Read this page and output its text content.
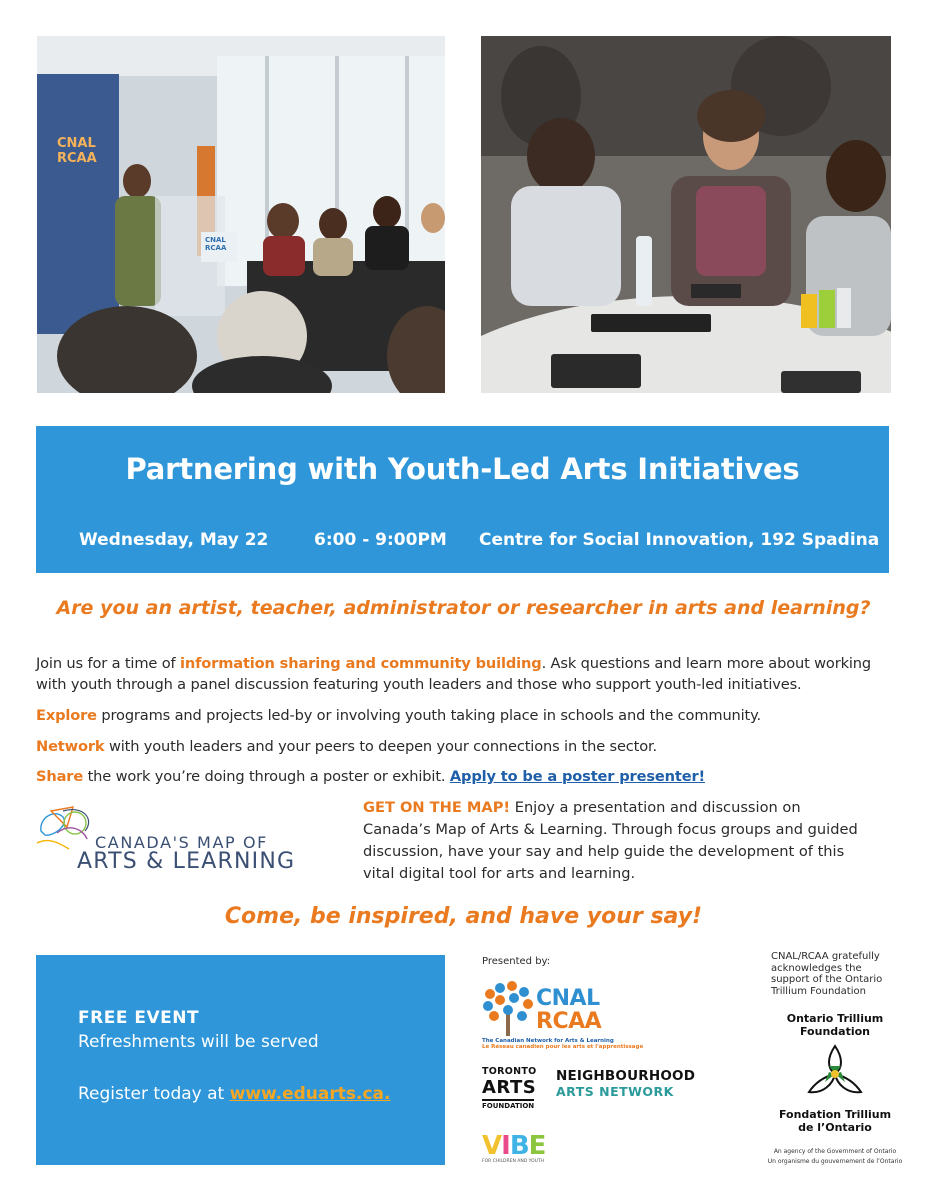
CNAL
RCAA
CNAL
RCAA
Partnering with Youth-Led Arts Initiatives
Wednesday, May 22	6:00 - 9:00PM Centre for Social Innovation, 192 Spadina
Are you an artist, teacher, administrator or researcher in arts and learning?

Join us for a time of information sharing and community building. Ask questions and learn more about working with youth through a panel discussion featuring youth leaders and those who support youth-led initiatives.

Explore programs and projects led-by or involving youth taking place in schools and the community.

Network with youth leaders and your peers to deepen your connections in the sector.

Share the work you’re doing through a poster or exhibit. Apply to be a poster presenter!

CANADA'S MAP OF
ARTS & LEARNING

GET ON THE MAP! Enjoy a presentation and discussion on Canada’s Map of Arts & Learning. Through focus groups and guided discussion, have your say and help guide the development of this vital digital tool for arts and learning.

Come, be inspired, and have your say!
FREE EVENT
Refreshments will be served
Register today at www.eduarts.ca.
Presented by:
CNAL
RCAA
The Canadian Network for Arts & Learning
Le Réseau canadien pour les arts et l'apprentissage
TORONTO
ARTS
FOUNDATION
NEIGHBOURHOOD
ARTS NETWORK
VIBE
FOR CHILDREN AND YOUTH
CNAL/RCAA gratefully acknowledges the support of the Ontario Trillium Foundation
Ontario Trillium Foundation
Fondation Trillium de l’Ontario
An agency of the Government of Ontario
Un organisme du gouvernement de l’Ontario
